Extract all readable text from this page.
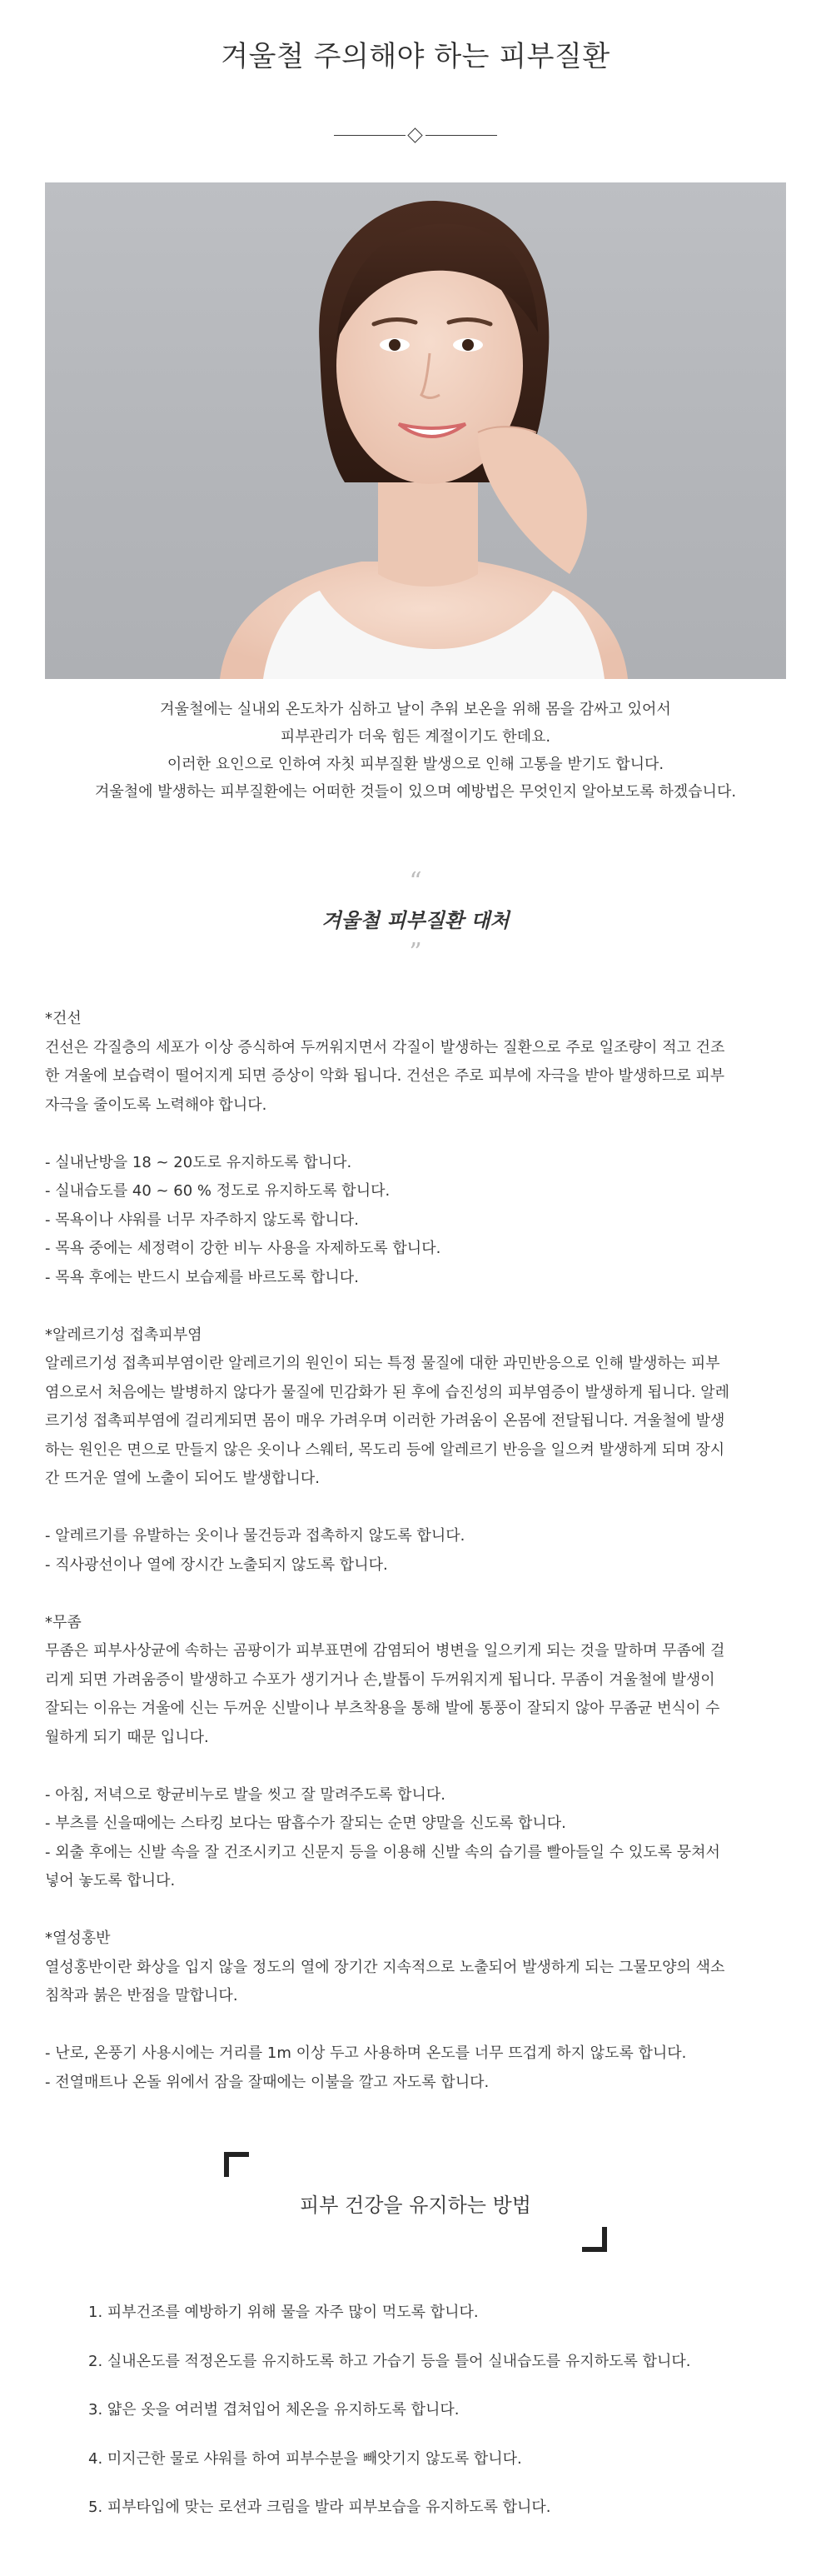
겨울철 주의해야 하는 피부질환

겨울철에는 실내외 온도차가 심하고 날이 추워 보온을 위해 몸을 감싸고 있어서

피부관리가 더욱 힘든 계절이기도 한데요.

이러한 요인으로 인하여 자칫 피부질환 발생으로 인해 고통을 받기도 합니다.

겨울철에 발생하는 피부질환에는 어떠한 것들이 있으며 예방법은 무엇인지 알아보도록 하겠습니다.

“
겨울철 피부질환 대처
”
*건선
건선은 각질층의 세포가 이상 증식하여 두꺼워지면서 각질이 발생하는 질환으로 주로 일조량이 적고 건조
한 겨울에 보습력이 떨어지게 되면 증상이 악화 됩니다. 건선은 주로 피부에 자극을 받아 발생하므로 피부
자극을 줄이도록 노력해야 합니다.
- 실내난방을 18 ~ 20도로 유지하도록 합니다.
- 실내습도를 40 ~ 60 % 정도로 유지하도록 합니다.
- 목욕이나 샤워를 너무 자주하지 않도록 합니다.
- 목욕 중에는 세정력이 강한 비누 사용을 자제하도록 합니다.
- 목욕 후에는 반드시 보습제를 바르도록 합니다.
*알레르기성 접촉피부염
알레르기성 접촉피부염이란 알레르기의 원인이 되는 특정 물질에 대한 과민반응으로 인해 발생하는 피부
염으로서 처음에는 발병하지 않다가 물질에 민감화가 된 후에 습진성의 피부염증이 발생하게 됩니다. 알레
르기성 접촉피부염에 걸리게되면 몸이 매우 가려우며 이러한 가려움이 온몸에 전달됩니다. 겨울철에 발생
하는 원인은 면으로 만들지 않은 옷이나 스웨터, 목도리 등에 알레르기 반응을 일으켜 발생하게 되며 장시
간 뜨거운 열에 노출이 되어도 발생합니다.
- 알레르기를 유발하는 옷이나 물건등과 접촉하지 않도록 합니다.
- 직사광선이나 열에 장시간 노출되지 않도록 합니다.
*무좀
무좀은 피부사상균에 속하는 곰팡이가 피부표면에 감염되어 병변을 일으키게 되는 것을 말하며 무좀에 걸
리게 되면 가려움증이 발생하고 수포가 생기거나 손,발톱이 두꺼워지게 됩니다. 무좀이 겨울철에 발생이
잘되는 이유는 겨울에 신는 두꺼운 신발이나 부츠착용을 통해 발에 통풍이 잘되지 않아 무좀균 번식이 수
월하게 되기 때문 입니다.
- 아침, 저녁으로 항균비누로 발을 씻고 잘 말려주도록 합니다.
- 부츠를 신을때에는 스타킹 보다는 땀흡수가 잘되는 순면 양말을 신도록 합니다.
- 외출 후에는 신발 속을 잘 건조시키고 신문지 등을 이용해 신발 속의 습기를 빨아들일 수 있도록 뭉쳐서
넣어 놓도록 합니다.
*열성홍반
열성홍반이란 화상을 입지 않을 정도의 열에 장기간 지속적으로 노출되어 발생하게 되는 그물모양의 색소
침착과 붉은 반점을 말합니다.
- 난로, 온풍기 사용시에는 거리를 1m 이상 두고 사용하며 온도를 너무 뜨겁게 하지 않도록 합니다.
- 전열매트나 온돌 위에서 잠을 잘때에는 이불을 깔고 자도록 합니다.
피부 건강을 유지하는 방법
1. 피부건조를 예방하기 위해 물을 자주 많이 먹도록 합니다.
2. 실내온도를 적정온도를 유지하도록 하고 가습기 등을 틀어 실내습도를 유지하도록 합니다.
3. 얇은 옷을 여러벌 겹쳐입어 체온을 유지하도록 합니다.
4. 미지근한 물로 샤워를 하여 피부수분을 빼앗기지 않도록 합니다.
5. 피부타입에 맞는 로션과 크림을 발라 피부보습을 유지하도록 합니다.
